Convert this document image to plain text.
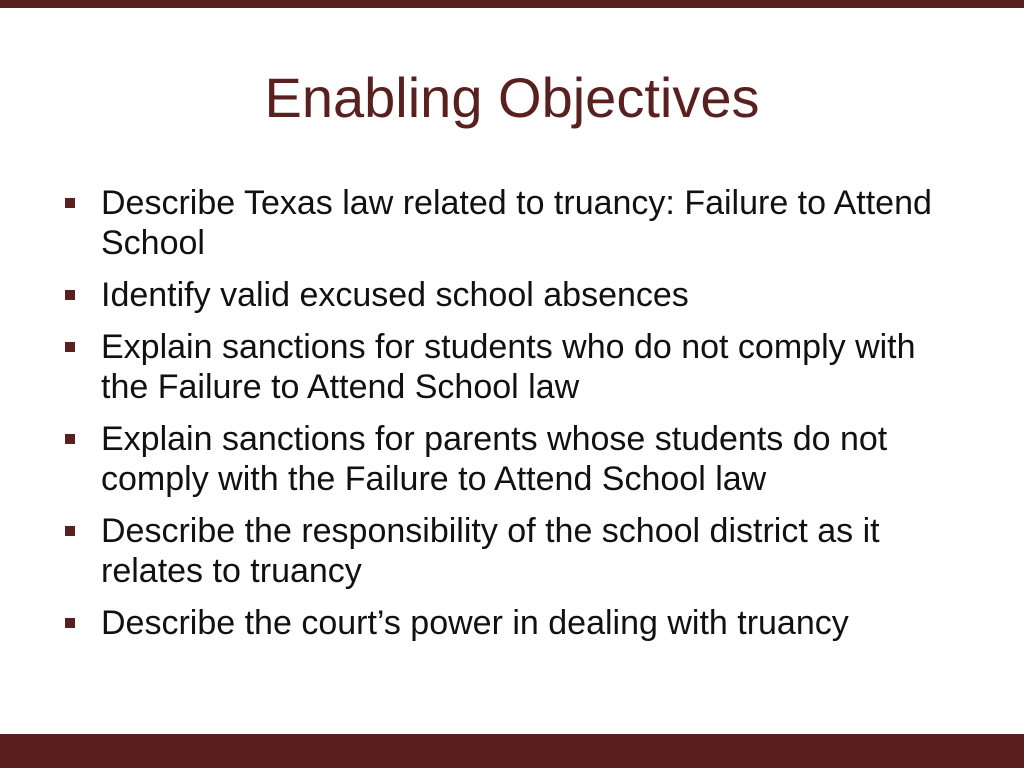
Enabling Objectives
Describe Texas law related to truancy: Failure to Attend School
Identify valid excused school absences
Explain sanctions for students who do not comply with the Failure to Attend School law
Explain sanctions for parents whose students do not comply with the Failure to Attend School law
Describe the responsibility of the school district as it relates to truancy
Describe the court’s power in dealing with truancy
